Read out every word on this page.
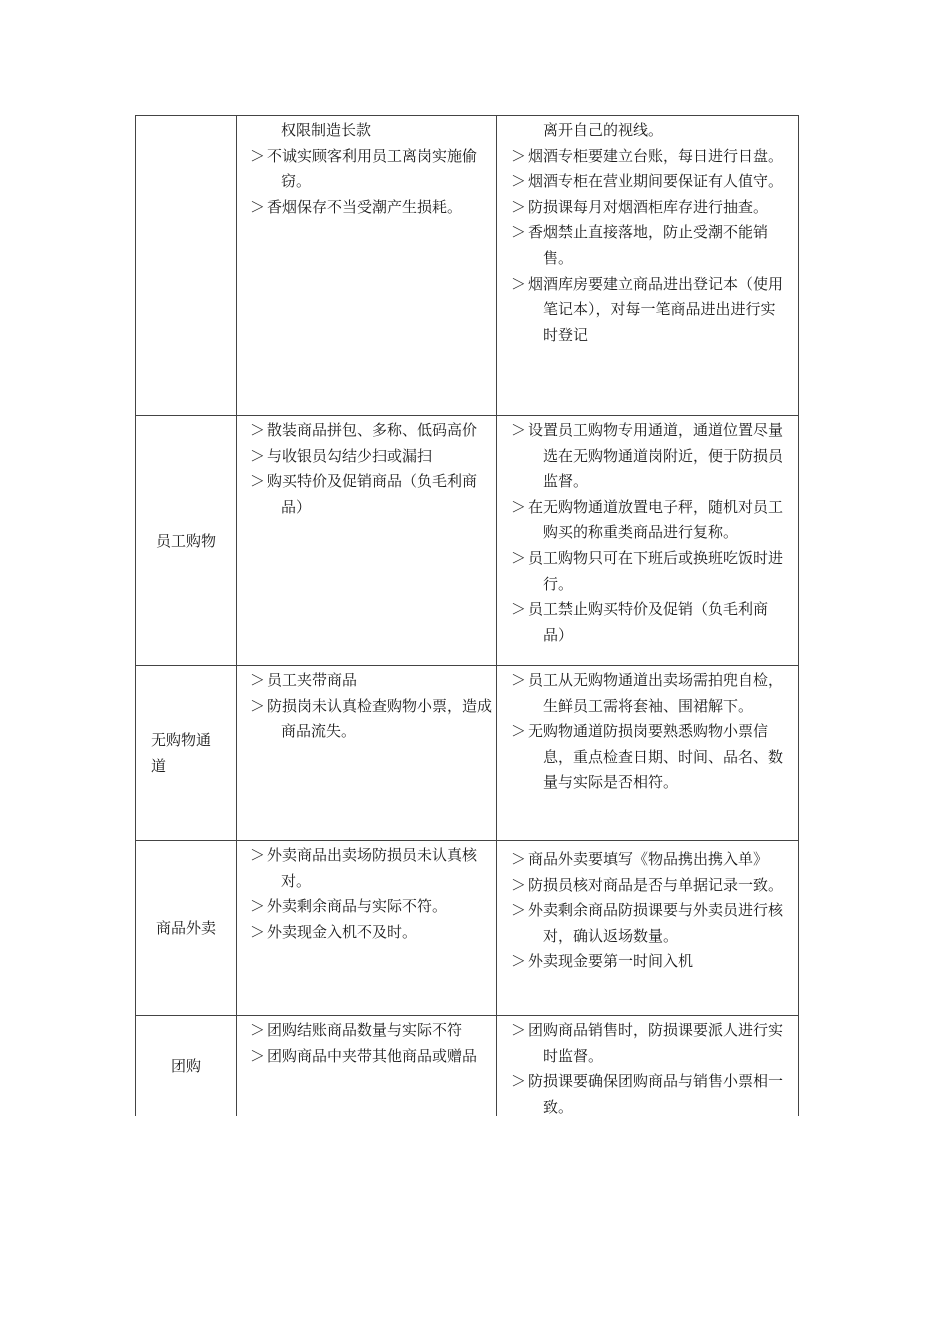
权限制造长款

＞ 不诚实顾客利用员工离岗实施偷窃。

＞ 香烟保存不当受潮产生损耗。

离开自己的视线。

＞ 烟酒专柜要建立台账，每日进行日盘。

＞ 烟酒专柜在营业期间要保证有人值守。

＞ 防损课每月对烟酒柜库存进行抽查。

＞ 香烟禁止直接落地，防止受潮不能销售。

＞ 烟酒库房要建立商品进出登记本（使用笔记本），对每一笔商品进出进行实时登记

员工购物

＞ 散装商品拼包、多称、低码高价

＞ 与收银员勾结少扫或漏扫

＞ 购买特价及促销商品（负毛利商品）

＞ 设置员工购物专用通道，通道位置尽量选在无购物通道岗附近，便于防损员监督。

＞ 在无购物通道放置电子秤，随机对员工购买的称重类商品进行复称。

＞ 员工购物只可在下班后或换班吃饭时进行。

＞ 员工禁止购买特价及促销（负毛利商品）

无购物通道

＞ 员工夹带商品

＞ 防损岗未认真检查购物小票，造成商品流失。

＞ 员工从无购物通道出卖场需拍兜自检，生鲜员工需将套袖、围裙解下。

＞ 无购物通道防损岗要熟悉购物小票信息，重点检查日期、时间、品名、数量与实际是否相符。

商品外卖

＞ 外卖商品出卖场防损员未认真核对。

＞ 外卖剩余商品与实际不符。

＞ 外卖现金入机不及时。

＞ 商品外卖要填写《物品携出携入单》

＞ 防损员核对商品是否与单据记录一致。

＞ 外卖剩余商品防损课要与外卖员进行核对，确认返场数量。

＞ 外卖现金要第一时间入机

团购

＞ 团购结账商品数量与实际不符

＞ 团购商品中夹带其他商品或赠品

＞ 团购商品销售时，防损课要派人进行实时监督。

＞ 防损课要确保团购商品与销售小票相一致。
